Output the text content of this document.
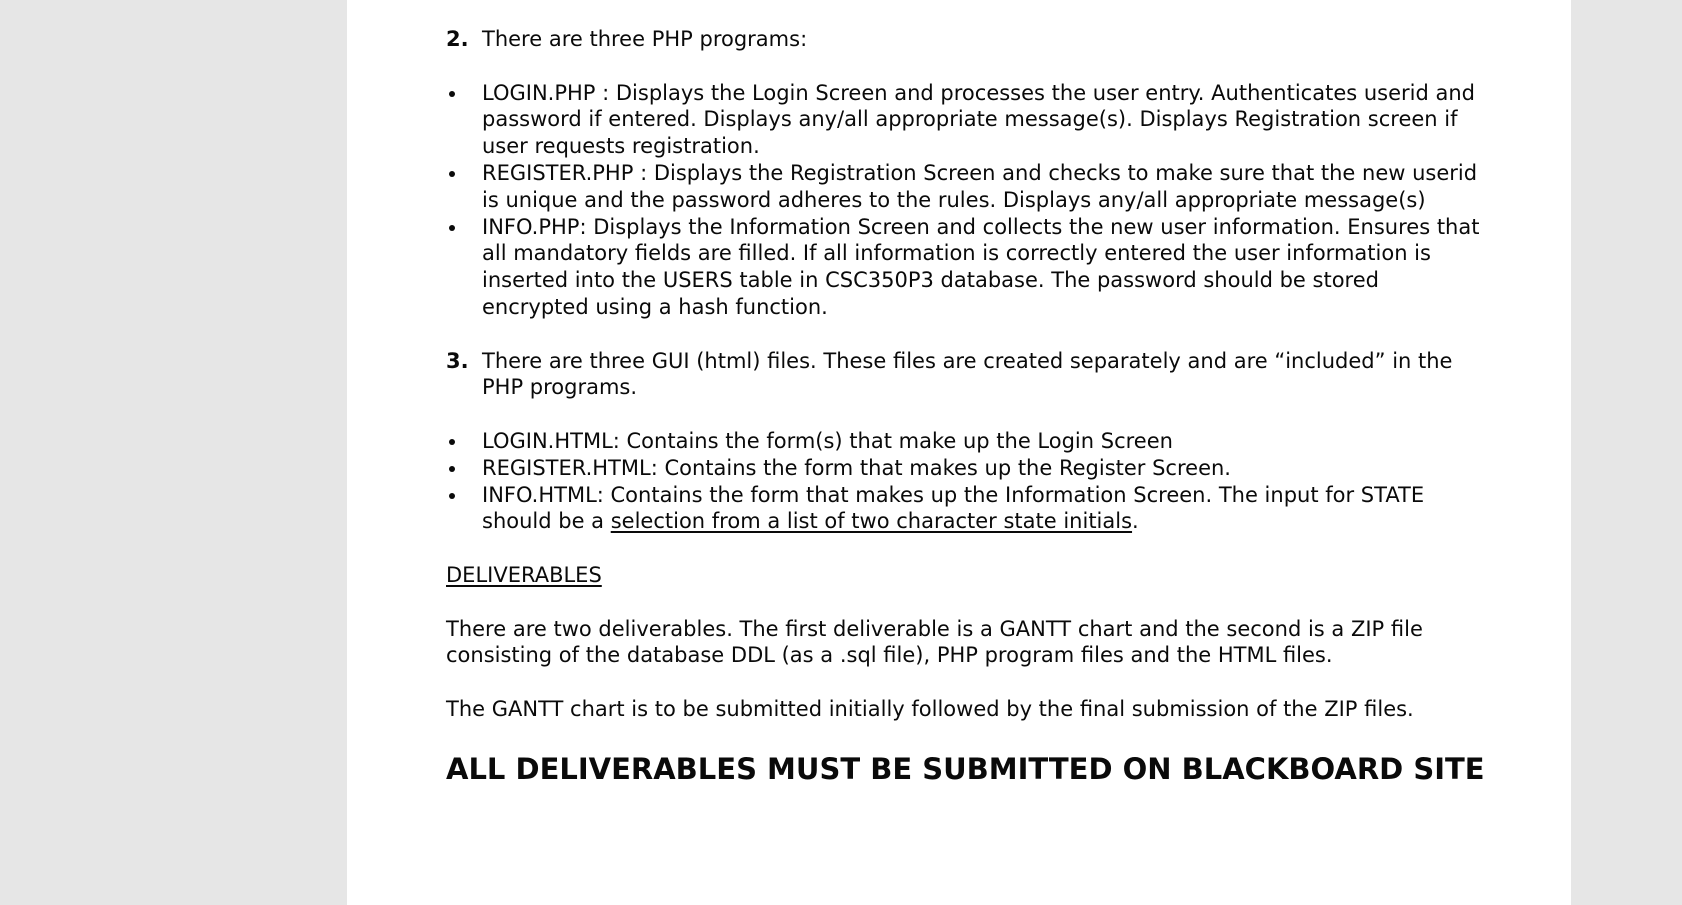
2. There are three PHP programs:
LOGIN.PHP : Displays the Login Screen and processes the user entry. Authenticates userid and password if entered. Displays any/all appropriate message(s). Displays Registration screen if user requests registration.
REGISTER.PHP : Displays the Registration Screen and checks to make sure that the new userid is unique and the password adheres to the rules. Displays any/all appropriate message(s)
INFO.PHP: Displays the Information Screen and collects the new user information. Ensures that all mandatory fields are filled. If all information is correctly entered the user information is inserted into the USERS table in CSC350P3 database. The password should be stored encrypted using a hash function.
3. There are three GUI (html) files. These files are created separately and are “included” in the PHP programs.
LOGIN.HTML: Contains the form(s) that make up the Login Screen
REGISTER.HTML: Contains the form that makes up the Register Screen.
INFO.HTML: Contains the form that makes up the Information Screen. The input for STATE should be a selection from a list of two character state initials.

DELIVERABLES

There are two deliverables. The first deliverable is a GANTT chart and the second is a ZIP file consisting of the database DDL (as a .sql file), PHP program files and the HTML files.

The GANTT chart is to be submitted initially followed by the final submission of the ZIP files.

ALL DELIVERABLES MUST BE SUBMITTED ON BLACKBOARD SITE
